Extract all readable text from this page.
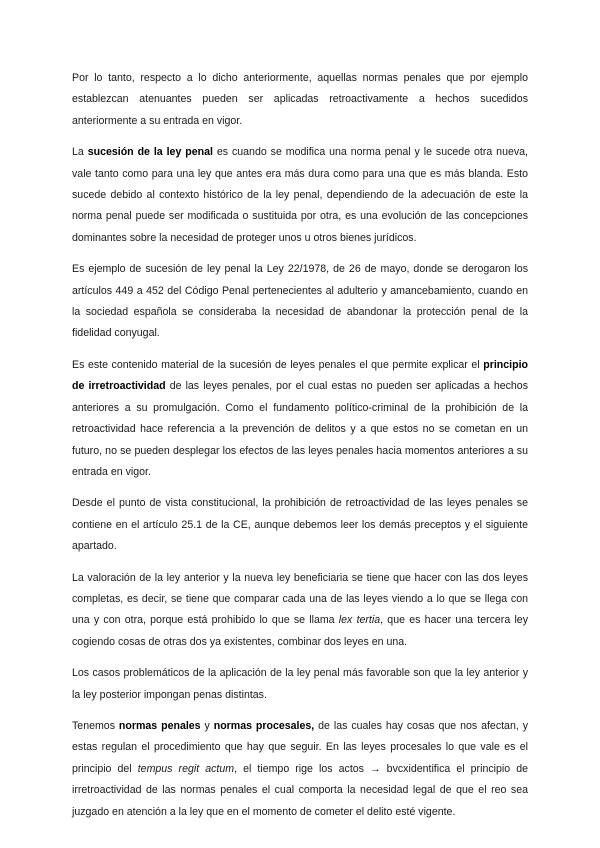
Por lo tanto, respecto a lo dicho anteriormente, aquellas normas penales que por ejemplo establezcan atenuantes pueden ser aplicadas retroactivamente a hechos sucedidos anteriormente a su entrada en vigor.

La sucesión de la ley penal es cuando se modifica una norma penal y le sucede otra nueva, vale tanto como para una ley que antes era más dura como para una que es más blanda. Esto sucede debido al contexto histórico de la ley penal, dependiendo de la adecuación de este la norma penal puede ser modificada o sustituida por otra, es una evolución de las concepciones dominantes sobre la necesidad de proteger unos u otros bienes jurídicos.

Es ejemplo de sucesión de ley penal la Ley 22/1978, de 26 de mayo, donde se derogaron los artículos 449 a 452 del Código Penal pertenecientes al adulterio y amancebamiento, cuando en la sociedad española se consideraba la necesidad de abandonar la protección penal de la fidelidad conyugal.

Es este contenido material de la sucesión de leyes penales el que permite explicar el principio de irretroactividad de las leyes penales, por el cual estas no pueden ser aplicadas a hechos anteriores a su promulgación. Como el fundamento político-criminal de la prohibición de la retroactividad hace referencia a la prevención de delitos y a que estos no se cometan en un futuro, no se pueden desplegar los efectos de las leyes penales hacia momentos anteriores a su entrada en vigor.

Desde el punto de vista constitucional, la prohibición de retroactividad de las leyes penales se contiene en el artículo 25.1 de la CE, aunque debemos leer los demás preceptos y el siguiente apartado.

La valoración de la ley anterior y la nueva ley beneficiaria se tiene que hacer con las dos leyes completas, es decir, se tiene que comparar cada una de las leyes viendo a lo que se llega con una y con otra, porque está prohibido lo que se llama lex tertia, que es hacer una tercera ley cogiendo cosas de otras dos ya existentes, combinar dos leyes en una.

Los casos problemáticos de la aplicación de la ley penal más favorable son que la ley anterior y la ley posterior impongan penas distintas.

Tenemos normas penales y normas procesales, de las cuales hay cosas que nos afectan, y estas regulan el procedimiento que hay que seguir. En las leyes procesales lo que vale es el principio del tempus regit actum, el tiempo rige los actos → bvcxidentifica el principio de irretroactividad de las normas penales el cual comporta la necesidad legal de que el reo sea juzgado en atención a la ley que en el momento de cometer el delito esté vigente.
